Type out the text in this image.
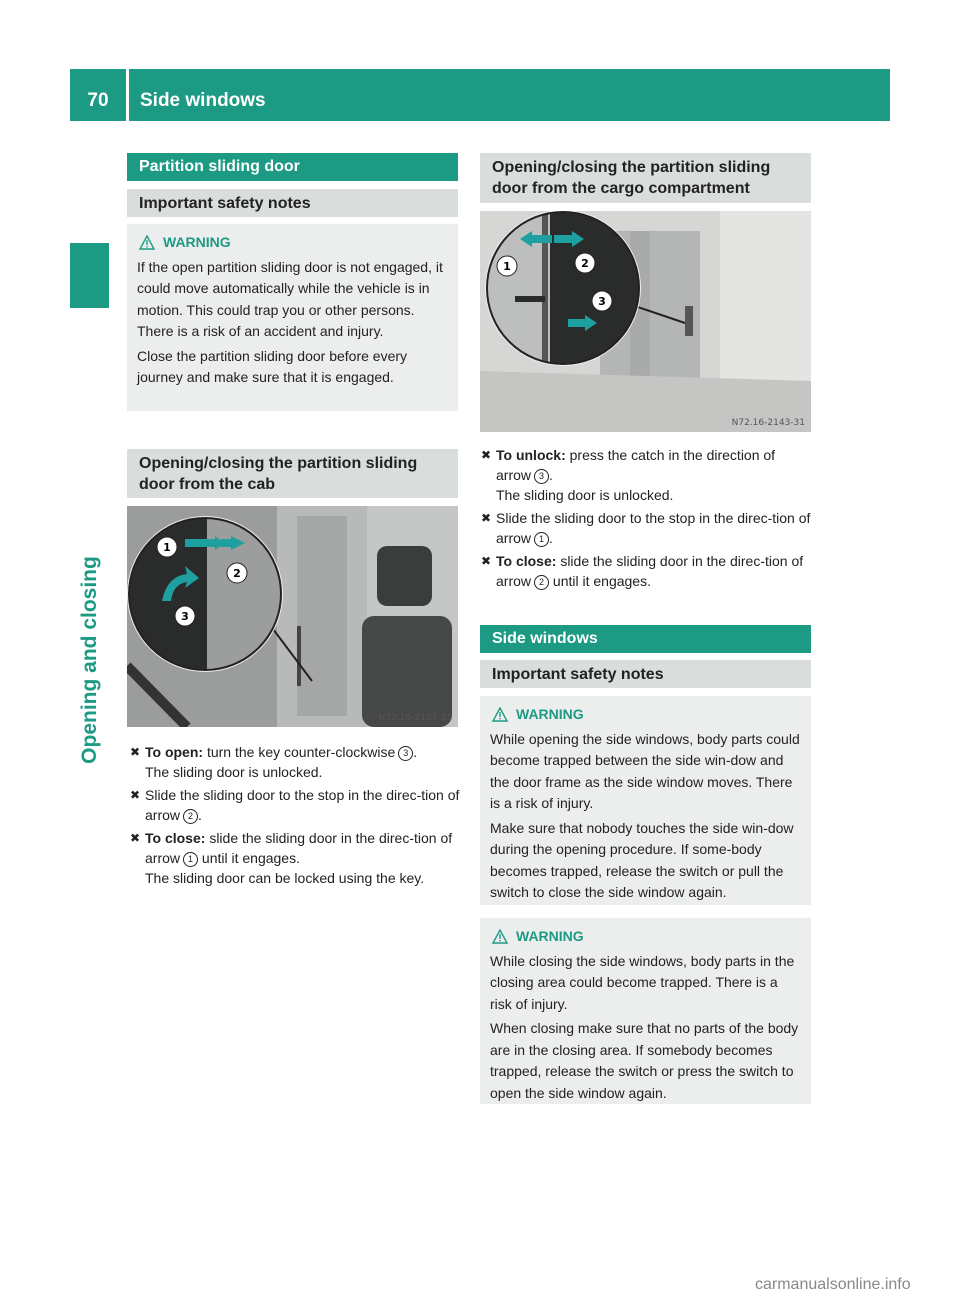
70	Side windows
Opening and closing
Partition sliding door
Important safety notes
WARNING

If the open partition sliding door is not engaged, it could move automatically while the vehicle is in motion. This could trap you or other persons. There is a risk of an accident and injury.

Close the partition sliding door before every journey and make sure that it is engaged.

Opening/closing the partition sliding door from the cab
1
2
3
N72.16-2157-31
✖ To open: turn the key counter-clockwise 3 .
The sliding door is unlocked.
✖ Slide the sliding door to the stop in the direc-tion of arrow 2 .
✖ To close: slide the sliding door in the direc-tion of arrow 1 until it engages.
The sliding door can be locked using the key.
Opening/closing the partition sliding door from the cargo compartment
1	2
3
N72.16-2143-31
✖ To unlock: press the catch in the direction of arrow 3 .
The sliding door is unlocked.
✖ Slide the sliding door to the stop in the direc-tion of arrow 1 .
✖ To close: slide the sliding door in the direc-tion of arrow 2 until it engages.
Side windows
Important safety notes
WARNING

While opening the side windows, body parts could become trapped between the side win-dow and the door frame as the side window moves. There is a risk of injury.

Make sure that nobody touches the side win-dow during the opening procedure. If some-body becomes trapped, release the switch or pull the switch to close the side window again.

WARNING

While closing the side windows, body parts in the closing area could become trapped. There is a risk of injury.

When closing make sure that no parts of the body are in the closing area. If somebody becomes trapped, release the switch or press the switch to open the side window again.

carmanualsonline.info
